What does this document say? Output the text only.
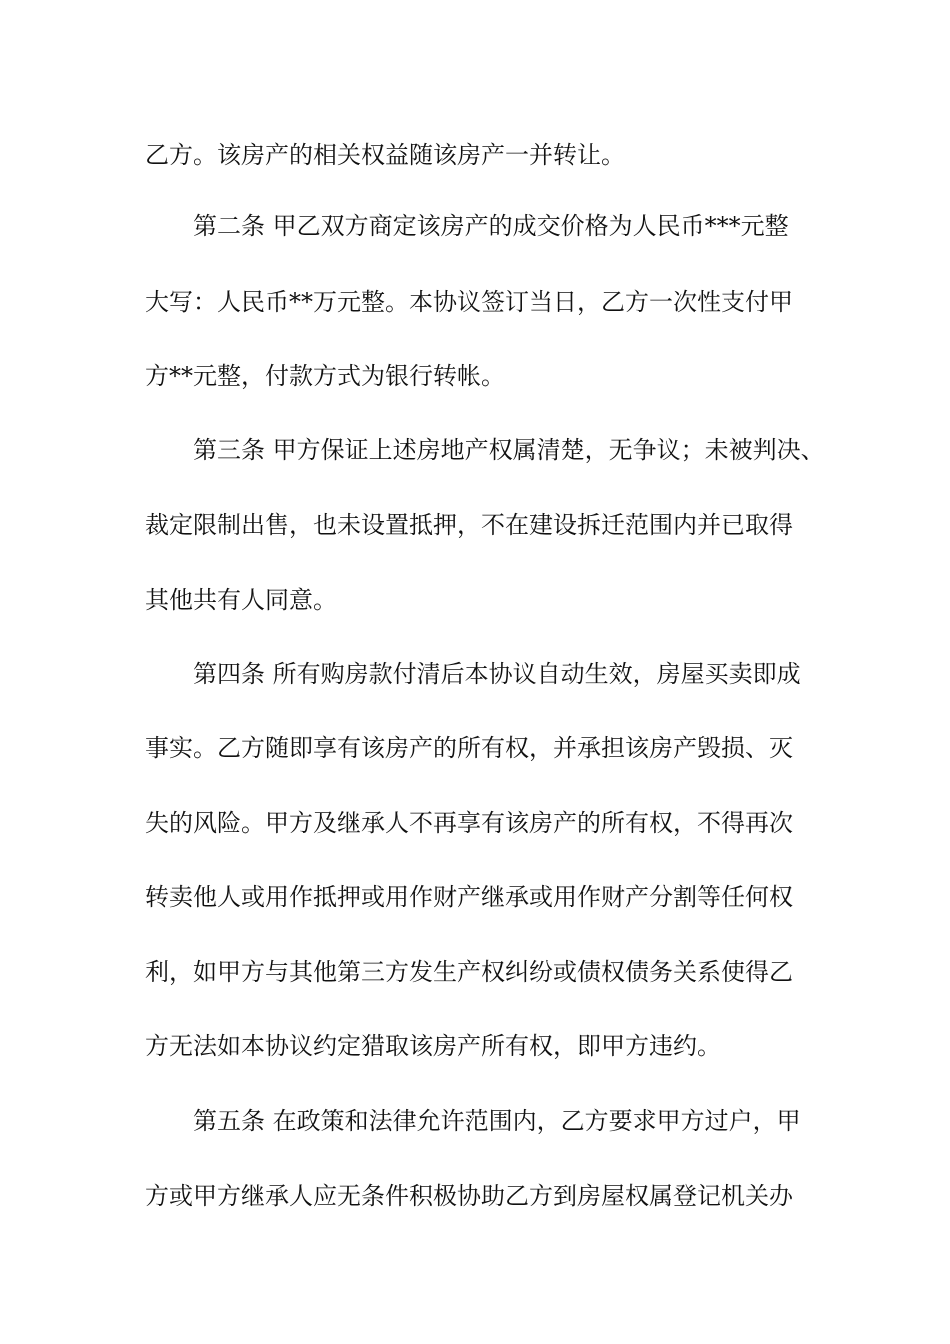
乙方。该房产的相关权益随该房产一并转让。
第二条 甲乙双方商定该房产的成交价格为人民币***元整
大写：人民币**万元整。本协议签订当日，乙方一次性支付甲
方**元整，付款方式为银行转帐。
第三条 甲方保证上述房地产权属清楚，无争议；未被判决、
裁定限制出售，也未设置抵押，不在建设拆迁范围内并已取得
其他共有人同意。
第四条 所有购房款付清后本协议自动生效，房屋买卖即成
事实。乙方随即享有该房产的所有权，并承担该房产毁损、灭
失的风险。甲方及继承人不再享有该房产的所有权，不得再次
转卖他人或用作抵押或用作财产继承或用作财产分割等任何权
利，如甲方与其他第三方发生产权纠纷或债权债务关系使得乙
方无法如本协议约定猎取该房产所有权，即甲方违约。
第五条 在政策和法律允许范围内，乙方要求甲方过户，甲
方或甲方继承人应无条件积极协助乙方到房屋权属登记机关办
